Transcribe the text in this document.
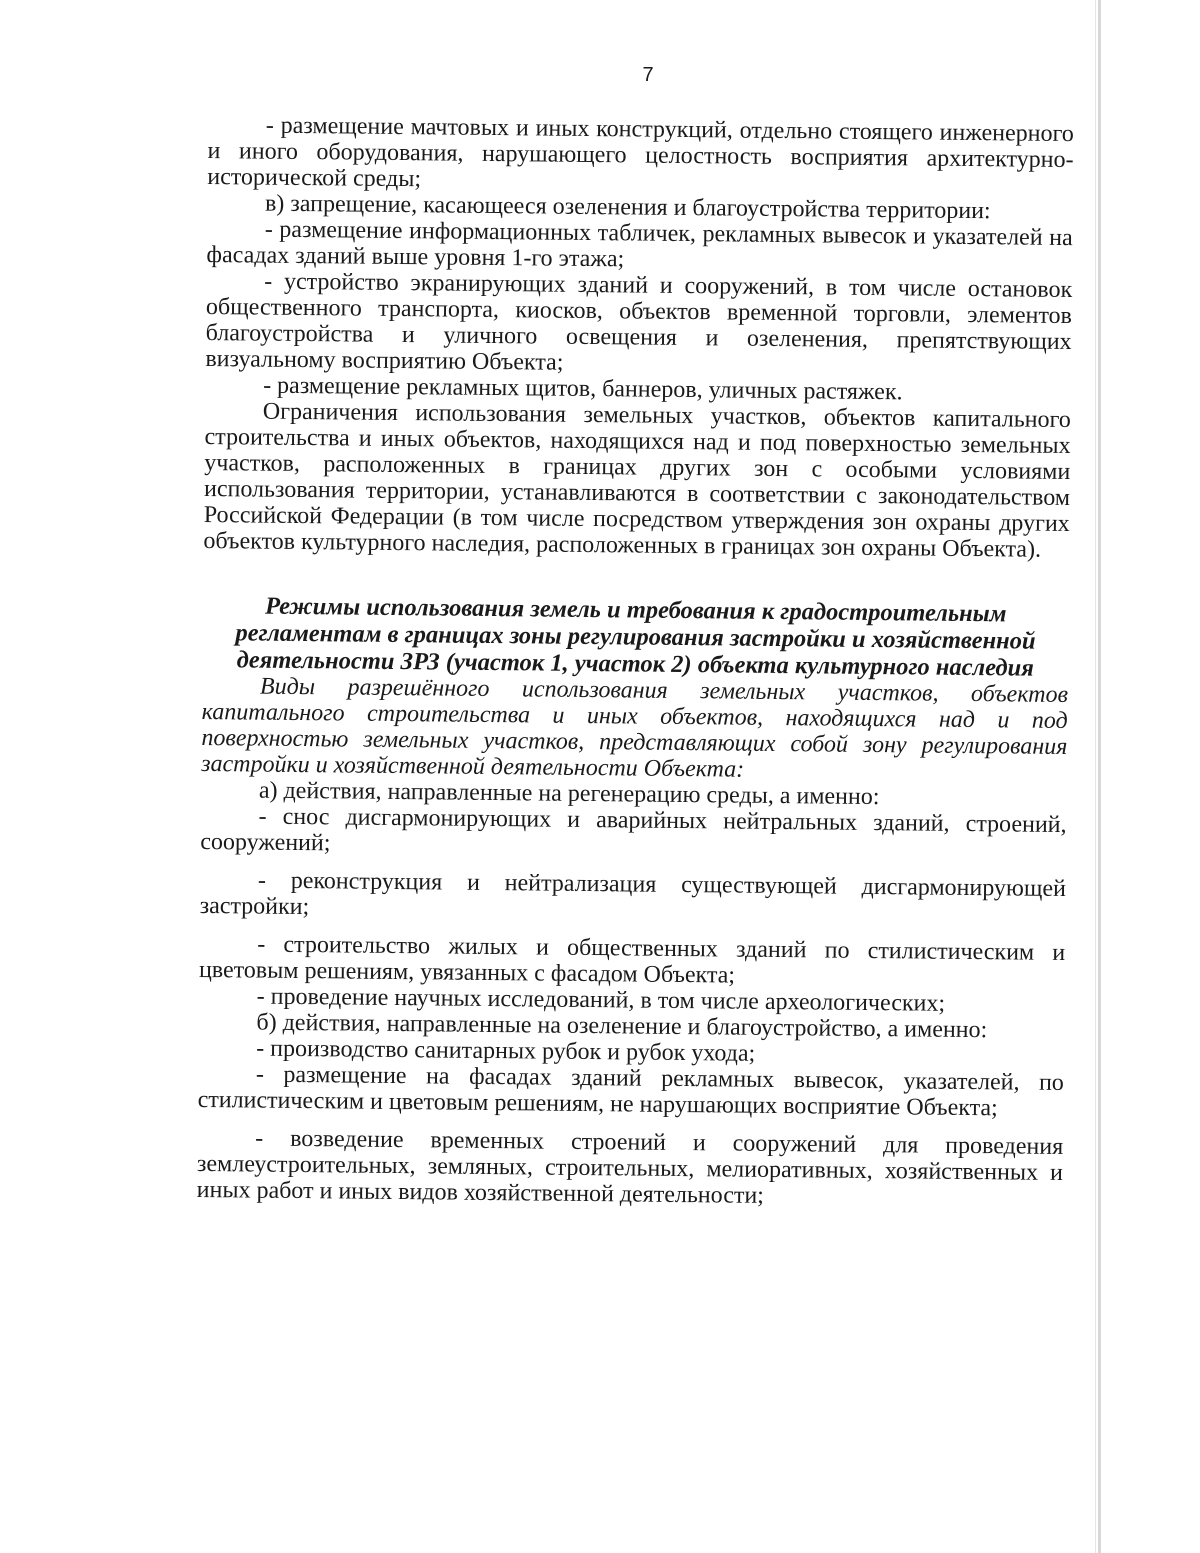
7

- размещение мачтовых и иных конструкций, отдельно стоящего инженерного и иного оборудования, нарушающего целостность восприятия архитектурно-исторической среды;

в) запрещение, касающееся озеленения и благоустройства территории:

- размещение информационных табличек, рекламных вывесок и указателей на фасадах зданий выше уровня 1-го этажа;

- устройство экранирующих зданий и сооружений, в том числе остановок общественного транспорта, киосков, объектов временной торговли, элементов благоустройства и уличного освещения и озеленения, препятствующих визуальному восприятию Объекта;

- размещение рекламных щитов, баннеров, уличных растяжек.

Ограничения использования земельных участков, объектов капитального строительства и иных объектов, находящихся над и под поверхностью земельных участков, расположенных в границах других зон с особыми условиями использования территории, устанавливаются в соответствии с законодательством Российской Федерации (в том числе посредством утверждения зон охраны других объектов культурного наследия, расположенных в границах зон охраны Объекта).

Режимы использования земель и требования к градостроительным регламентам в границах зоны регулирования застройки и хозяйственной деятельности ЗРЗ (участок 1, участок 2) объекта культурного наследия

Виды разрешённого использования земельных участков, объектов капитального строительства и иных объектов, находящихся над и под поверхностью земельных участков, представляющих собой зону регулирования застройки и хозяйственной деятельности Объекта:

а) действия, направленные на регенерацию среды, а именно:

- снос дисгармонирующих и аварийных нейтральных зданий, строений, сооружений;

- реконструкция и нейтрализация существующей дисгармонирующей застройки;

- строительство жилых и общественных зданий по стилистическим и цветовым решениям, увязанных с фасадом Объекта;

- проведение научных исследований, в том числе археологических;

б) действия, направленные на озеленение и благоустройство, а именно:

- производство санитарных рубок и рубок ухода;

- размещение на фасадах зданий рекламных вывесок, указателей, по стилистическим и цветовым решениям, не нарушающих восприятие Объекта;

- возведение временных строений и сооружений для проведения землеустроительных, земляных, строительных, мелиоративных, хозяйственных и иных работ и иных видов хозяйственной деятельности;
